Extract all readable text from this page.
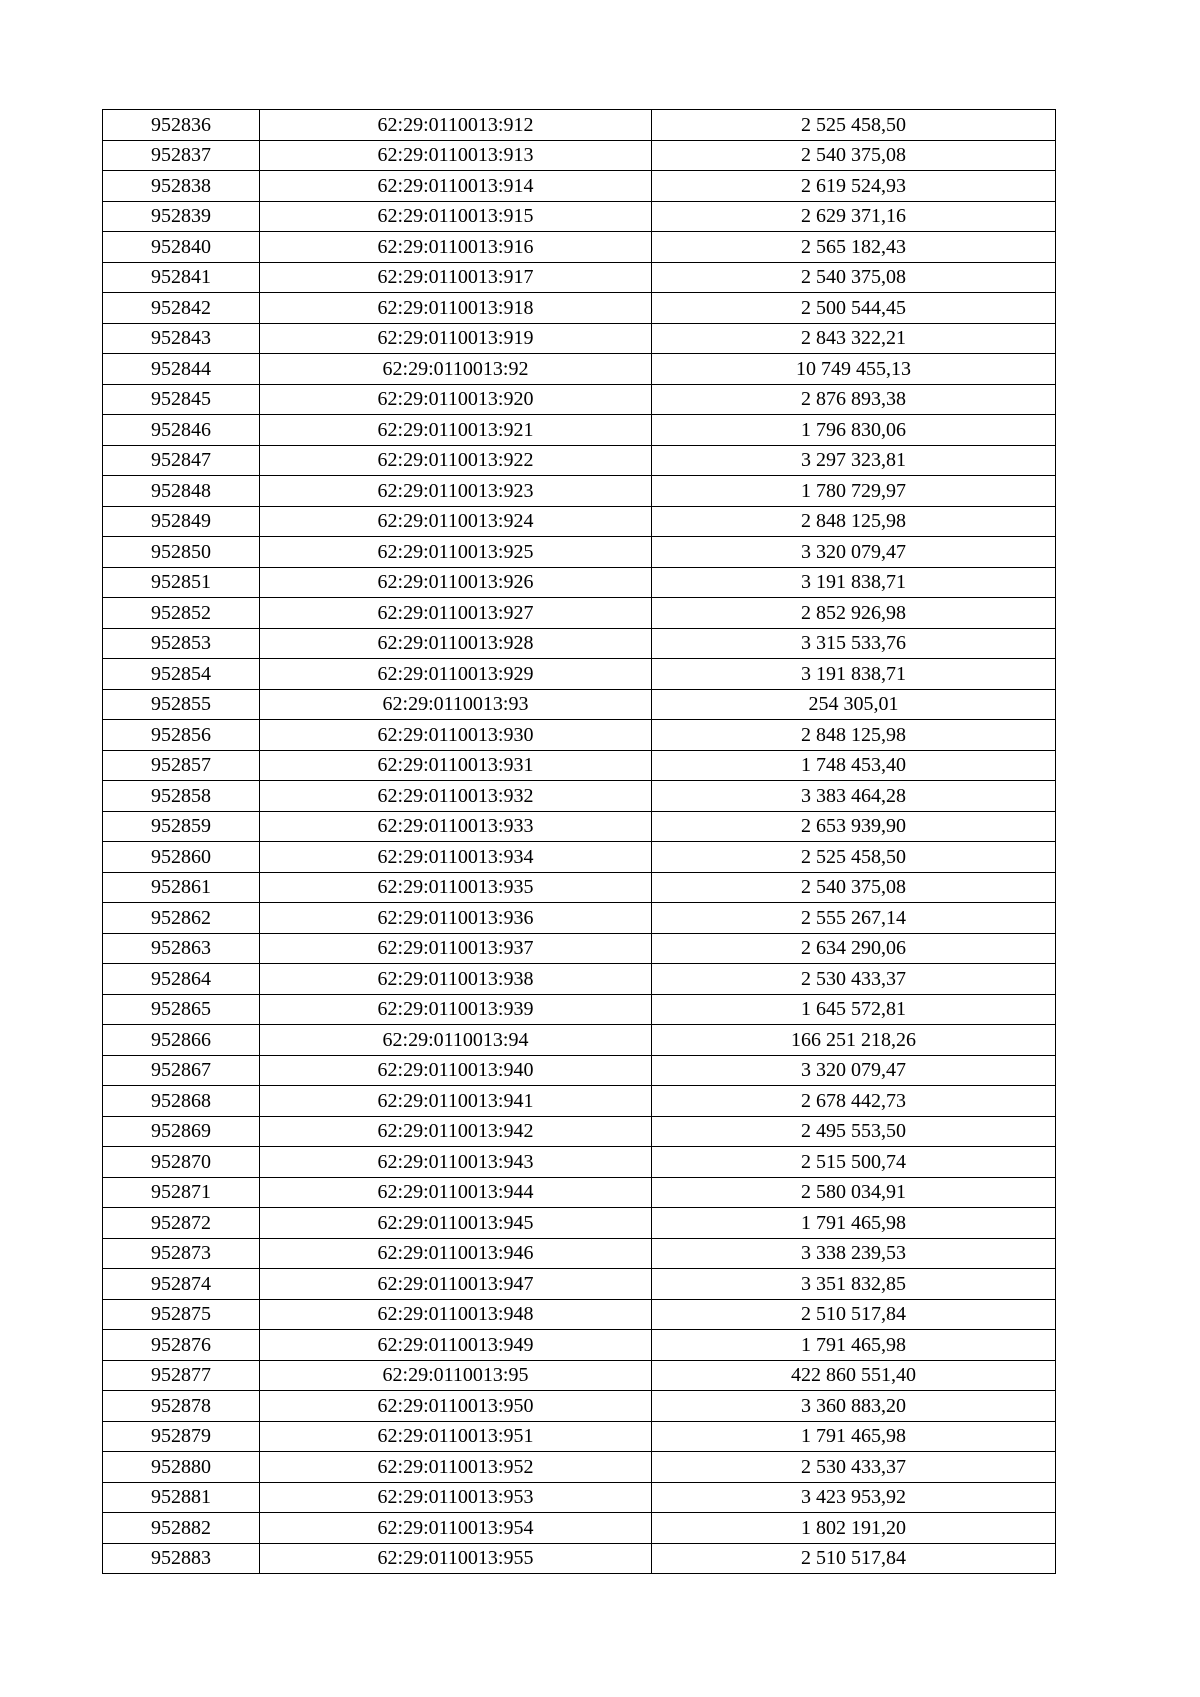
952836	62:29:0110013:912	2 525 458,50
952837	62:29:0110013:913	2 540 375,08
952838	62:29:0110013:914	2 619 524,93
952839	62:29:0110013:915	2 629 371,16
952840	62:29:0110013:916	2 565 182,43
952841	62:29:0110013:917	2 540 375,08
952842	62:29:0110013:918	2 500 544,45
952843	62:29:0110013:919	2 843 322,21
952844	62:29:0110013:92	10 749 455,13
952845	62:29:0110013:920	2 876 893,38
952846	62:29:0110013:921	1 796 830,06
952847	62:29:0110013:922	3 297 323,81
952848	62:29:0110013:923	1 780 729,97
952849	62:29:0110013:924	2 848 125,98
952850	62:29:0110013:925	3 320 079,47
952851	62:29:0110013:926	3 191 838,71
952852	62:29:0110013:927	2 852 926,98
952853	62:29:0110013:928	3 315 533,76
952854	62:29:0110013:929	3 191 838,71
952855	62:29:0110013:93	254 305,01
952856	62:29:0110013:930	2 848 125,98
952857	62:29:0110013:931	1 748 453,40
952858	62:29:0110013:932	3 383 464,28
952859	62:29:0110013:933	2 653 939,90
952860	62:29:0110013:934	2 525 458,50
952861	62:29:0110013:935	2 540 375,08
952862	62:29:0110013:936	2 555 267,14
952863	62:29:0110013:937	2 634 290,06
952864	62:29:0110013:938	2 530 433,37
952865	62:29:0110013:939	1 645 572,81
952866	62:29:0110013:94	166 251 218,26
952867	62:29:0110013:940	3 320 079,47
952868	62:29:0110013:941	2 678 442,73
952869	62:29:0110013:942	2 495 553,50
952870	62:29:0110013:943	2 515 500,74
952871	62:29:0110013:944	2 580 034,91
952872	62:29:0110013:945	1 791 465,98
952873	62:29:0110013:946	3 338 239,53
952874	62:29:0110013:947	3 351 832,85
952875	62:29:0110013:948	2 510 517,84
952876	62:29:0110013:949	1 791 465,98
952877	62:29:0110013:95	422 860 551,40
952878	62:29:0110013:950	3 360 883,20
952879	62:29:0110013:951	1 791 465,98
952880	62:29:0110013:952	2 530 433,37
952881	62:29:0110013:953	3 423 953,92
952882	62:29:0110013:954	1 802 191,20
952883	62:29:0110013:955	2 510 517,84
